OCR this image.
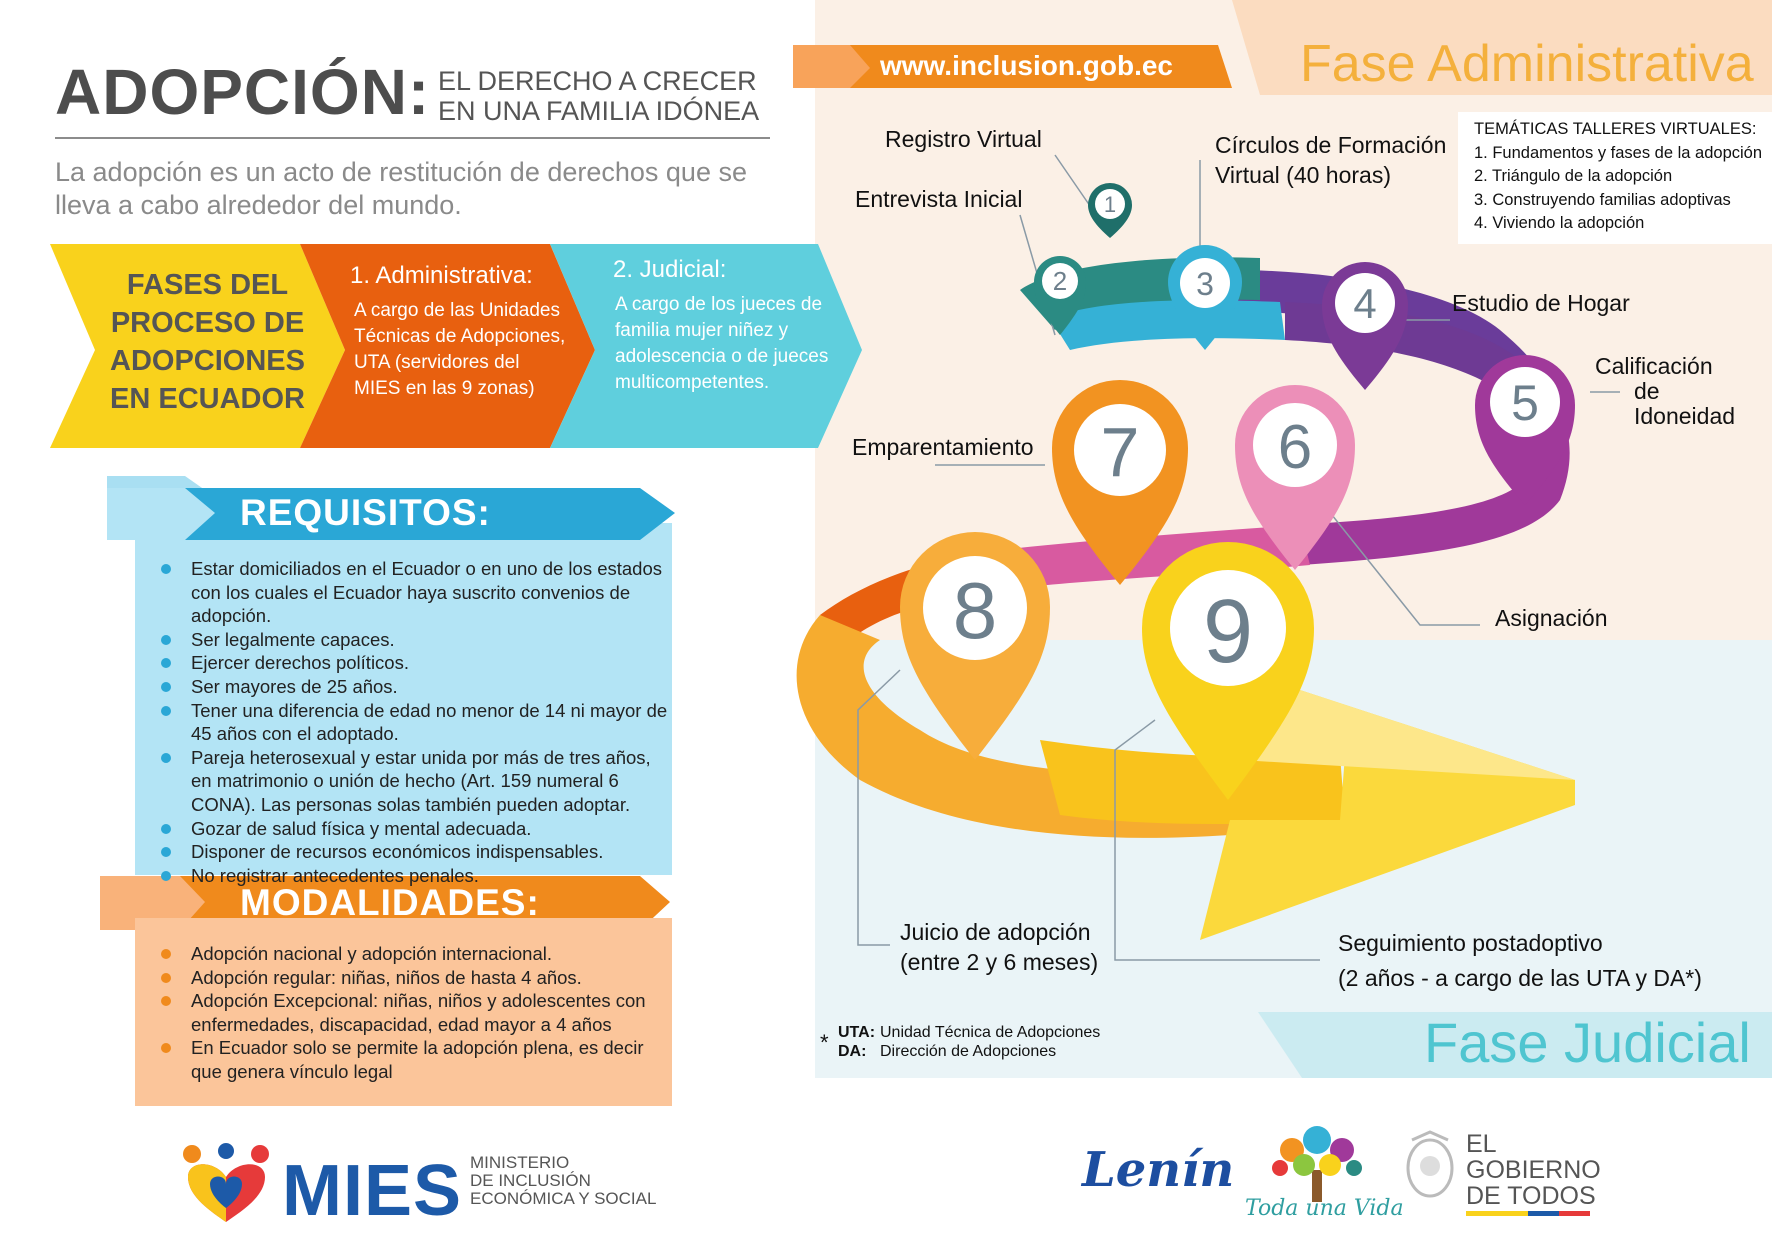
ADOPCIÓN: EL DERECHO A CRECER
EN UNA FAMILIA IDÓNEA
La adopción es un acto de restitución de derechos que se lleva a cabo alrededor del mundo.
FASES DEL
PROCESO DE
ADOPCIONES
EN ECUADOR
1. Administrativa:
A cargo de las Unidades Técnicas de Adopciones, UTA (servidores del MIES en las 9 zonas)
2. Judicial:
A cargo de los jueces de familia mujer niñez y adolescencia o de jueces multicompetentes.
REQUISITOS:
Estar domiciliados en el Ecuador o en uno de los estados con los cuales el Ecuador haya suscrito convenios de adopción.
Ser legalmente capaces.
Ejercer derechos políticos.
Ser mayores de 25 años.
Tener una diferencia de edad no menor de 14 ni mayor de 45 años con el adoptado.
Pareja heterosexual y estar unida por más de tres años, en matrimonio o unión de hecho (Art. 159 numeral 6 CONA). Las personas solas también pueden adoptar.
Gozar de salud física y mental adecuada.
Disponer de recursos económicos indispensables.
No registrar antecedentes penales.
MODALIDADES:
Adopción nacional y adopción internacional.
Adopción regular: niñas, niños de hasta 4 años.
Adopción Excepcional: niñas, niños y adolescentes con enfermedades, discapacidad, edad mayor a 4 años
En Ecuador solo se permite la adopción plena, es decir que genera vínculo legal
www.inclusion.gob.ec Fase Administrativa
TEMÁTICAS TALLERES VIRTUALES:
1. Fundamentos y fases de la adopción
2. Triángulo de la adopción
3. Construyendo familias adoptivas
4. Viviendo la adopción
1
2	3	4
5
6
7
8 9
Registro Virtual
Entrevista Inicial
Círculos de Formación
Virtual (40 horas)
Estudio de Hogar
Calificación
de
Idoneidad
Asignación
Emparentamiento
Juicio de adopción
(entre 2 y 6 meses)
Seguimiento postadoptivo
(2 años - a cargo de las UTA y DA*)
Fase Judicial
* UTA: Unidad Técnica de Adopciones
DA: Dirección de Adopciones
MIES MINISTERIO
DE INCLUSIÓN
ECONÓMICA Y SOCIAL
Lenín
Toda una Vida
EL
GOBIERNO
DE TODOS
